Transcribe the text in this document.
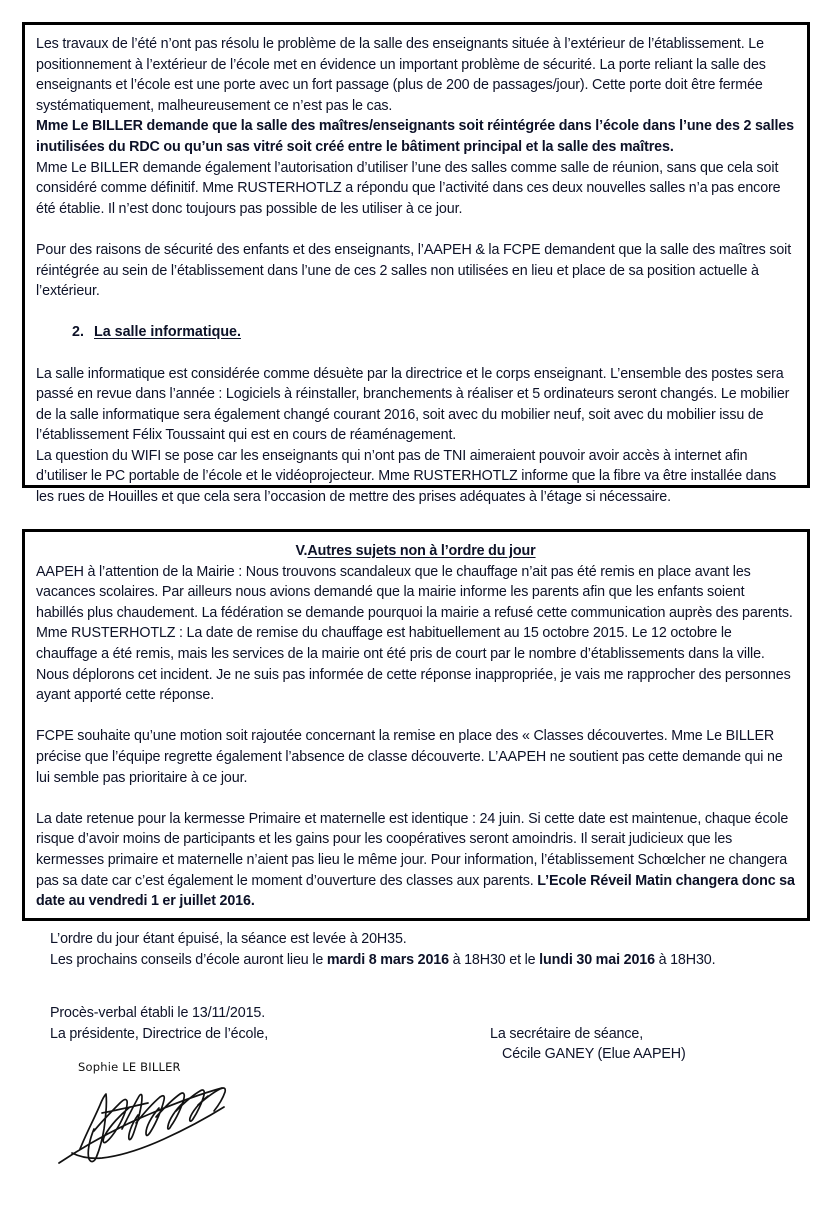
Les travaux de l’été n’ont pas résolu le problème de la salle des enseignants située à l’extérieur de l’établissement. Le positionnement à l’extérieur de l’école met en évidence un important problème de sécurité. La porte reliant la salle des enseignants et l’école est une porte avec un fort passage (plus de 200 de passages/jour). Cette porte doit être fermée systématiquement, malheureusement ce n’est pas le cas.

Mme Le BILLER demande que la salle des maîtres/enseignants soit réintégrée dans l’école dans l’une des 2 salles inutilisées du RDC ou qu’un sas vitré soit créé entre le bâtiment principal et la salle des maîtres.

Mme Le BILLER demande également l’autorisation d’utiliser l’une des salles comme salle de réunion, sans que cela soit considéré comme définitif. Mme RUSTERHOTLZ a répondu que l’activité dans ces deux nouvelles salles n’a pas encore été établie. Il n’est donc toujours pas possible de les utiliser à ce jour.

Pour des raisons de sécurité des enfants et des enseignants, l’AAPEH & la FCPE demandent que la salle des maîtres soit réintégrée au sein de l’établissement dans l’une de ces 2 salles non utilisées en lieu et place de sa position actuelle à l’extérieur.

2. La salle informatique.

La salle informatique est considérée comme désuète par la directrice et le corps enseignant. L’ensemble des postes sera passé en revue dans l’année : Logiciels à réinstaller, branchements à réaliser et 5 ordinateurs seront changés. Le mobilier de la salle informatique sera également changé courant 2016, soit avec du mobilier neuf, soit avec du mobilier issu de l’établissement Félix Toussaint qui est en cours de réaménagement.

La question du WIFI se pose car les enseignants qui n’ont pas de TNI aimeraient pouvoir avoir accès à internet afin d’utiliser le PC portable de l’école et le vidéoprojecteur. Mme RUSTERHOTLZ informe que la fibre va être installée dans les rues de Houilles et que cela sera l’occasion de mettre des prises adéquates à l’étage si nécessaire.

V.Autres sujets non à l’ordre du jour

AAPEH à l’attention de la Mairie : Nous trouvons scandaleux que le chauffage n’ait pas été remis en place avant les vacances scolaires. Par ailleurs nous avions demandé que la mairie informe les parents afin que les enfants soient habillés plus chaudement. La fédération se demande pourquoi la mairie a refusé cette communication auprès des parents.

Mme RUSTERHOTLZ : La date de remise du chauffage est habituellement au 15 octobre 2015. Le 12 octobre le chauffage a été remis, mais les services de la mairie ont été pris de court par le nombre d’établissements dans la ville. Nous déplorons cet incident. Je ne suis pas informée de cette réponse inappropriée, je vais me rapprocher des personnes ayant apporté cette réponse.

FCPE souhaite qu’une motion soit rajoutée concernant la remise en place des « Classes découvertes. Mme Le BILLER précise que l’équipe regrette également l’absence de classe découverte. L’AAPEH ne soutient pas cette demande qui ne lui semble pas prioritaire à ce jour.

La date retenue pour la kermesse Primaire et maternelle est identique : 24 juin. Si cette date est maintenue, chaque école risque d’avoir moins de participants et les gains pour les coopératives seront amoindris. Il serait judicieux que les kermesses primaire et maternelle n’aient pas lieu le même jour. Pour information, l’établissement Schœlcher ne changera pas sa date car c’est également le moment d’ouverture des classes aux parents. L’Ecole Réveil Matin changera donc sa date au vendredi 1 er juillet 2016.

L’ordre du jour étant épuisé, la séance est levée à 20H35.

Les prochains conseils d’école auront lieu le mardi 8 mars 2016 à 18H30 et le lundi 30 mai 2016 à 18H30.

Procès-verbal établi le 13/11/2015.

La présidente, Directrice de l’école,	La secrétaire de séance,

Cécile GANEY (Elue AAPEH)

Sophie LE BILLER
